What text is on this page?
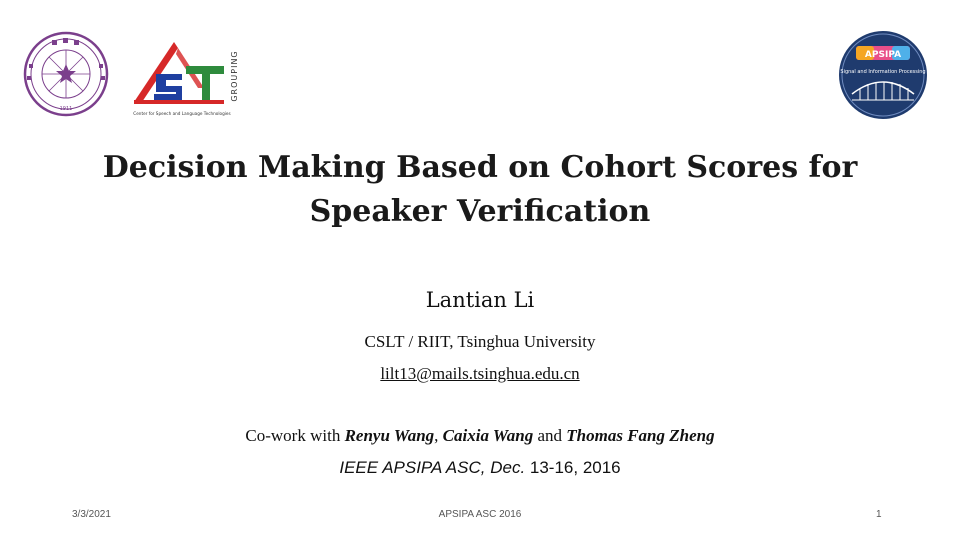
1911
GROUPING
Center for Speech and Language Technologies
APSIPA
Signal and Information Processing
Decision Making Based on Cohort Scores for
Speaker Verification
Lantian Li
CSLT / RIIT, Tsinghua University
lilt13@mails.tsinghua.edu.cn
Co-work with Renyu Wang, Caixia Wang and Thomas Fang Zheng
IEEE APSIPA ASC, Dec. 13-16, 2016
3/3/2021	APSIPA ASC 2016	1
